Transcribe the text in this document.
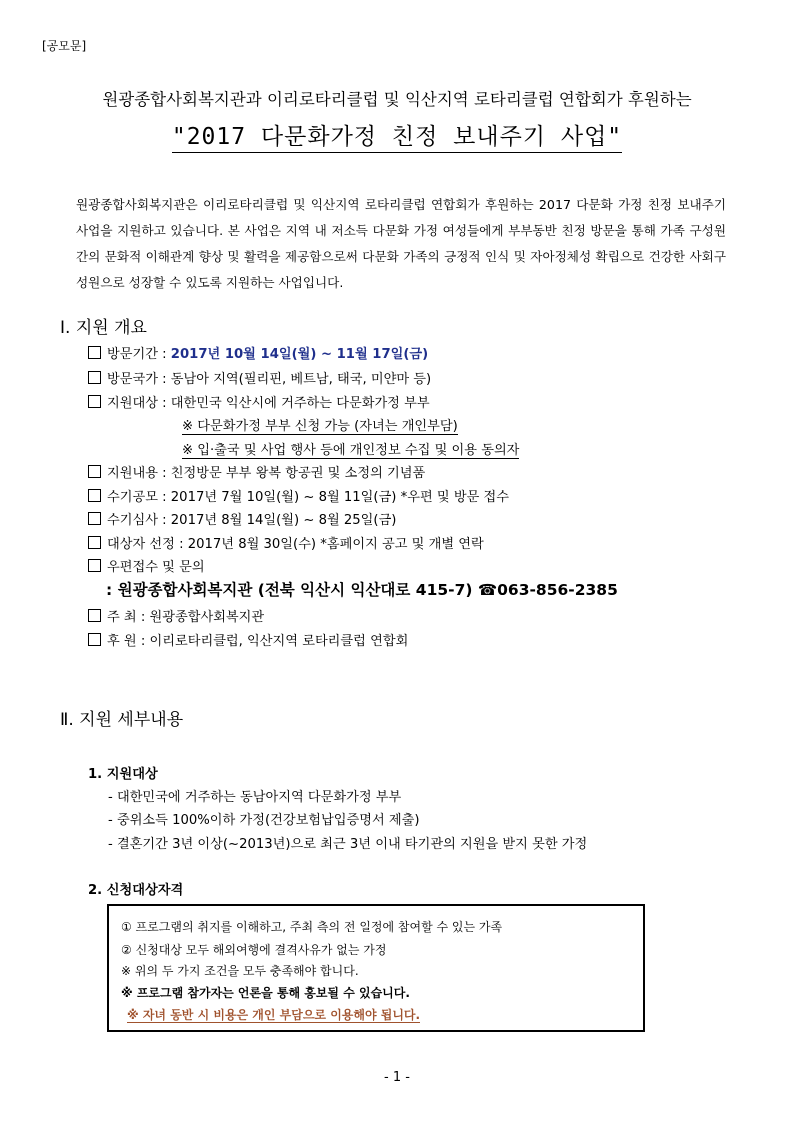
[공모문]
원광종합사회복지관과 이리로타리클럽 및 익산지역 로타리클럽 연합회가 후원하는
"2017 다문화가정 친정 보내주기 사업"
원광종합사회복지관은 이리로타리클럽 및 익산지역 로타리클럽 연합회가 후원하는 2017 다문화 가정 친정 보내주기 사업을 지원하고 있습니다. 본 사업은 지역 내 저소득 다문화 가정 여성들에게 부부동반 친정 방문을 통해 가족 구성원간의 문화적 이해관계 향상 및 활력을 제공함으로써 다문화 가족의 긍정적 인식 및 자아정체성 확립으로 건강한 사회구성원으로 성장할 수 있도록 지원하는 사업입니다.
Ⅰ. 지원 개요
방문기간 : 2017년 10월 14일(월) ~ 11월 17일(금)
방문국가 : 동남아 지역(필리핀, 베트남, 태국, 미얀마 등)
지원대상 : 대한민국 익산시에 거주하는 다문화가정 부부
※ 다문화가정 부부 신청 가능 (자녀는 개인부담)
※ 입·출국 및 사업 행사 등에 개인정보 수집 및 이용 동의자
지원내용 : 친정방문 부부 왕복 항공권 및 소정의 기념품
수기공모 : 2017년 7월 10일(월) ~ 8월 11일(금) *우편 및 방문 접수
수기심사 : 2017년 8월 14일(월) ~ 8월 25일(금)
대상자 선정 : 2017년 8월 30일(수) *홈페이지 공고 및 개별 연락
우편접수 및 문의
: 원광종합사회복지관 (전북 익산시 익산대로 415-7) ☎063-856-2385
주 최 : 원광종합사회복지관
후 원 : 이리로타리클럽, 익산지역 로타리클럽 연합회
Ⅱ. 지원 세부내용
1. 지원대상
- 대한민국에 거주하는 동남아지역 다문화가정 부부
- 중위소득 100%이하 가정(건강보험납입증명서 제출)
- 결혼기간 3년 이상(~2013년)으로 최근 3년 이내 타기관의 지원을 받지 못한 가정
2. 신청대상자격
① 프로그램의 취지를 이해하고, 주최 측의 전 일정에 참여할 수 있는 가족
② 신청대상 모두 해외여행에 결격사유가 없는 가정
※ 위의 두 가지 조건을 모두 충족해야 합니다.
※ 프로그램 참가자는 언론을 통해 홍보될 수 있습니다.
※ 자녀 동반 시 비용은 개인 부담으로 이용해야 됩니다.
- 1 -
